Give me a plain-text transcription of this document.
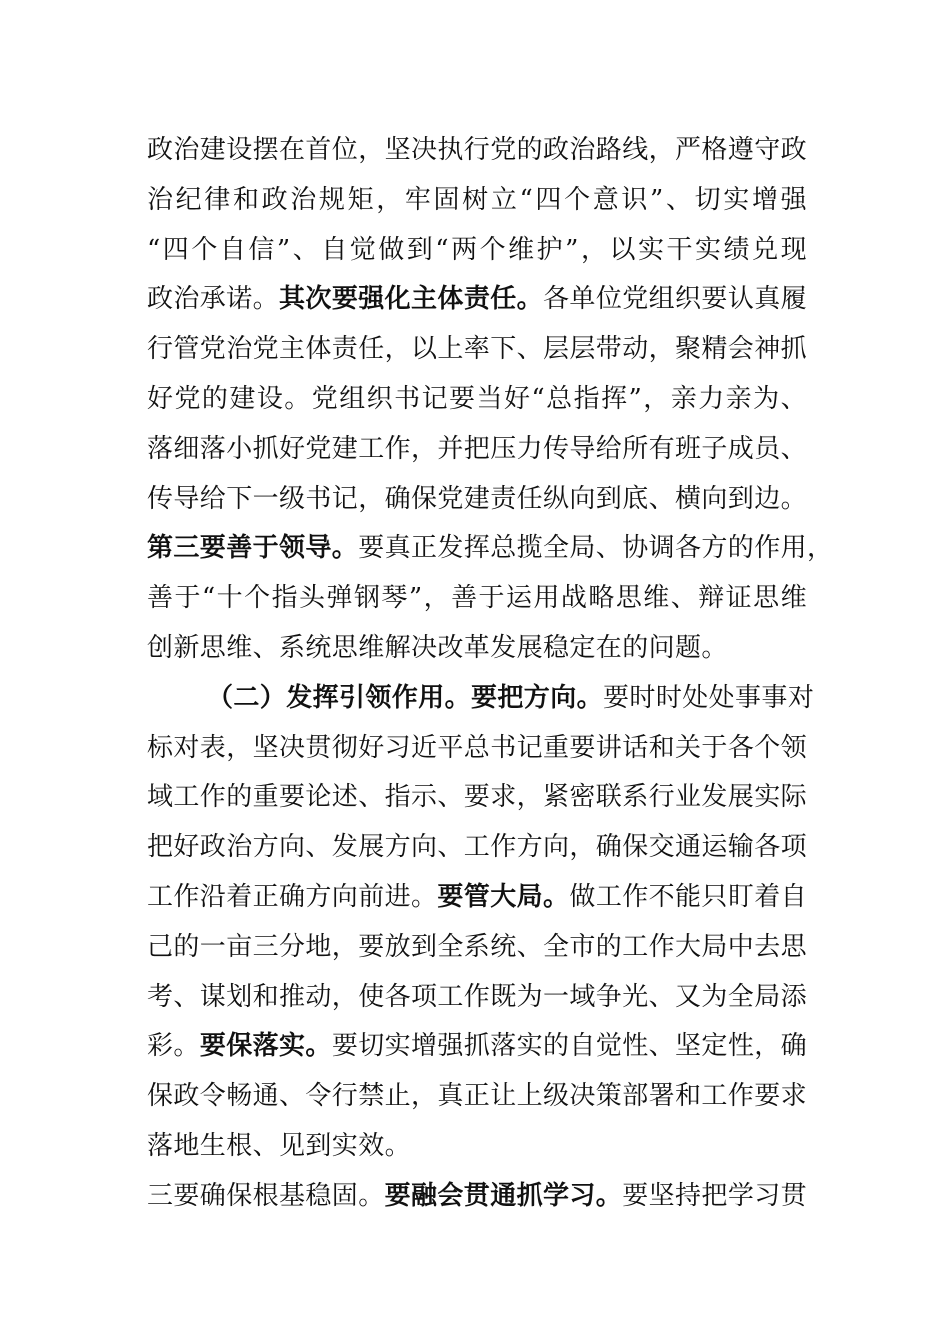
政治建设摆在首位，坚决执行党的政治路线，严格遵守政
治纪律和政治规矩，牢固树立“四个意识”、切实增强
“四个自信”、自觉做到“两个维护”，以实干实绩兑现
政治承诺。其次要强化主体责任。各单位党组织要认真履
行管党治党主体责任，以上率下、层层带动，聚精会神抓
好党的建设。党组织书记要当好“总指挥”，亲力亲为、
落细落小抓好党建工作，并把压力传导给所有班子成员、
传导给下一级书记，确保党建责任纵向到底、横向到边。
第三要善于领导。要真正发挥总揽全局、协调各方的作用，
善于“十个指头弹钢琴”，善于运用战略思维、辩证思维
创新思维、系统思维解决改革发展稳定在的问题。
（二）发挥引领作用。要把方向。要时时处处事事对
标对表，坚决贯彻好习近平总书记重要讲话和关于各个领
域工作的重要论述、指示、要求，紧密联系行业发展实际
把好政治方向、发展方向、工作方向，确保交通运输各项
工作沿着正确方向前进。要管大局。做工作不能只盯着自
己的一亩三分地，要放到全系统、全市的工作大局中去思
考、谋划和推动，使各项工作既为一域争光、又为全局添
彩。要保落实。要切实增强抓落实的自觉性、坚定性，确
保政令畅通、令行禁止，真正让上级决策部署和工作要求
落地生根、见到实效。
三要确保根基稳固。要融会贯通抓学习。要坚持把学习贯
